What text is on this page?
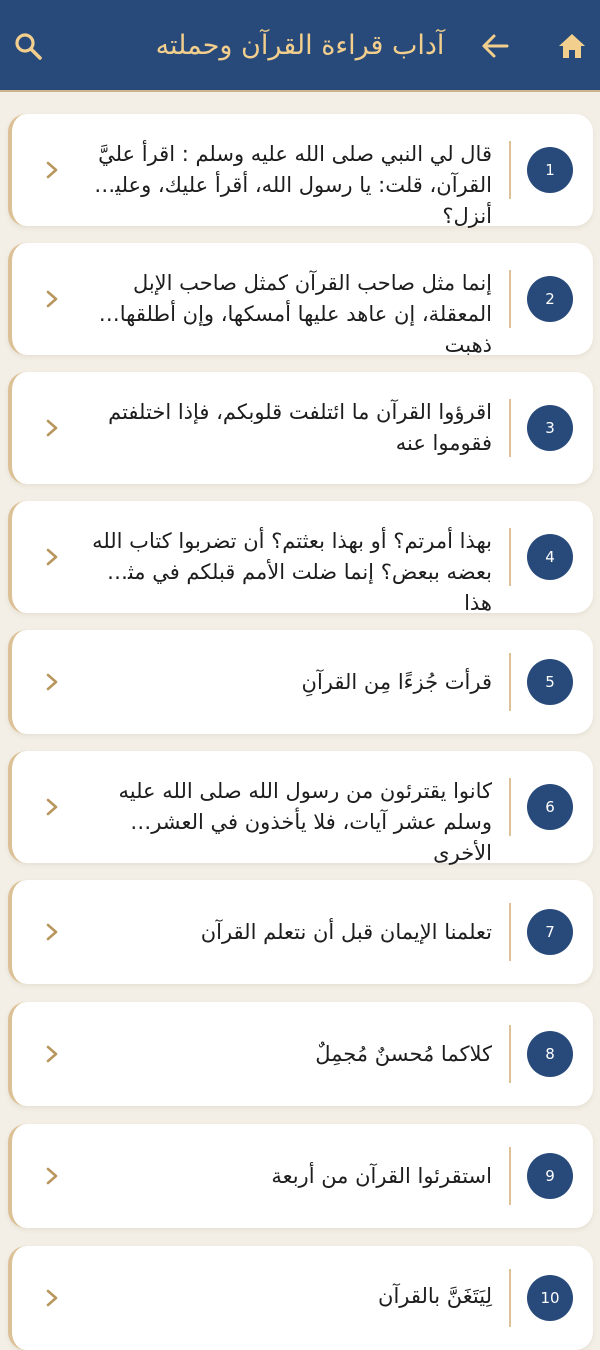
آداب قراءة القرآن وحملته
1
قال لي النبي صلى الله عليه وسلم : اقرأ عليَّ القرآن، قلت: يا رسول الله، أقرأ عليك، وعليك أنزل؟
2
إنما مثل صاحب القرآن كمثل صاحب الإبل المعقلة، إن عاهد عليها أمسكها، وإن أطلقها ذهبت
3
اقرؤوا القرآن ما ائتلفت قلوبكم، فإذا اختلفتم فقوموا عنه
4
بهذا أمرتم؟ أو بهذا بعثتم؟ أن تضربوا كتاب الله بعضه ببعض؟ إنما ضلت الأمم قبلكم في مثل هذا
5
قرأت جُزءًا مِن القرآنِ
6
كانوا يقترئون من رسول الله صلى الله عليه وسلم عشر آيات، فلا يأخذون في العشر الأخرى
7
تعلمنا الإيمان قبل أن نتعلم القرآن
8
كلاكما مُحسنٌ مُجمِلٌ
9
استقرئوا القرآن من أربعة
10
لِيَتَغَنَّ بالقرآن
